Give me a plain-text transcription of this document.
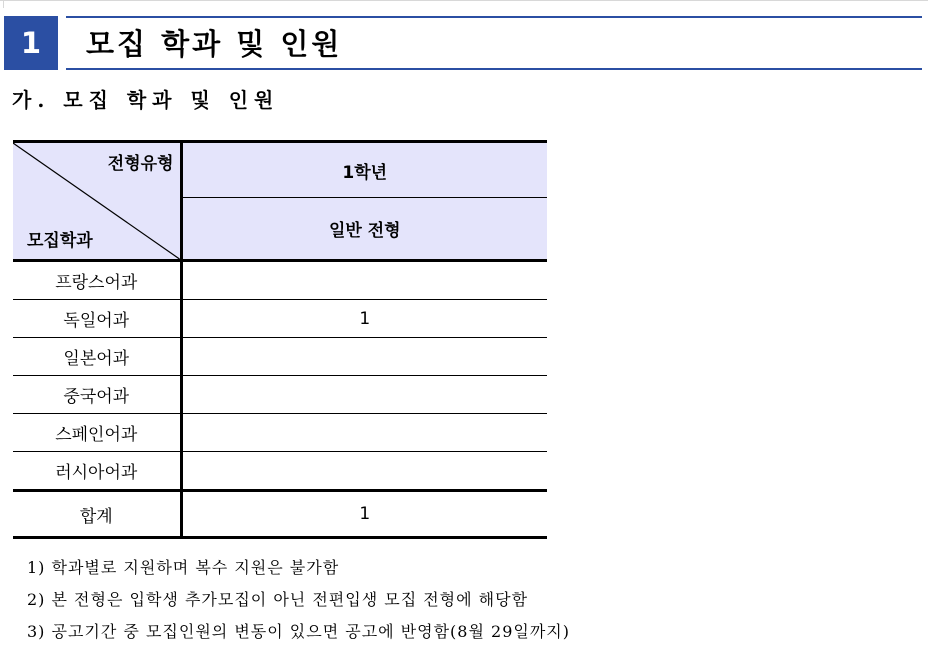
1	모집 학과 및 인원
가. 모집 학과 및 인원
전형유형
모집학과	1학년
	일반 전형
프랑스어과	
독일어과	1
일본어과	
중국어과	
스페인어과	
러시아어과	
합계	1
1) 학과별로 지원하며 복수 지원은 불가함
2) 본 전형은 입학생 추가모집이 아닌 전편입생 모집 전형에 해당함
3) 공고기간 중 모집인원의 변동이 있으면 공고에 반영함(8월 29일까지)
